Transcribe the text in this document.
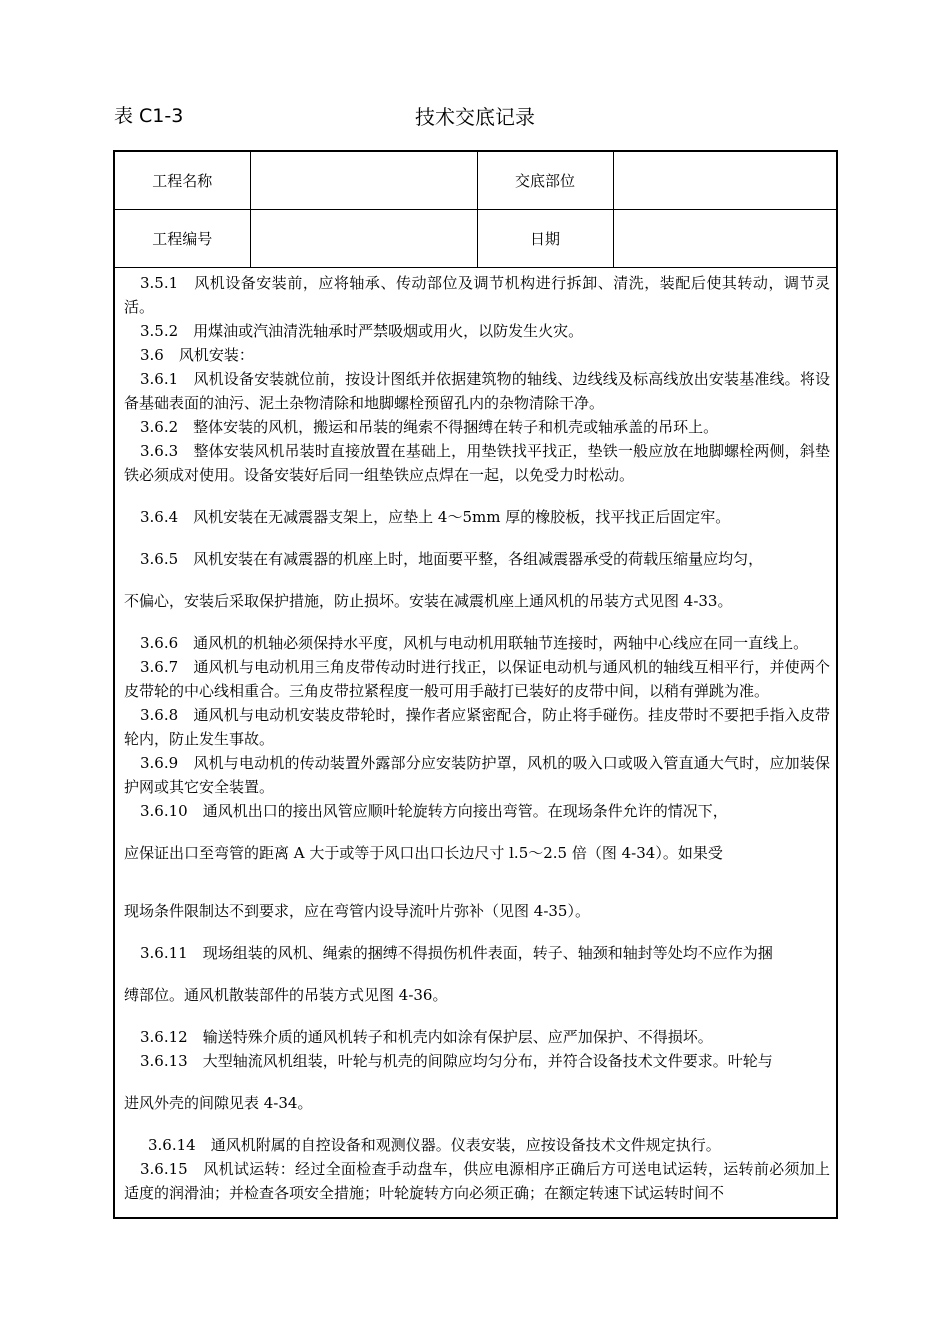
表 C1-3	技术交底记录
工程名称		交底部位	
工程编号		日期	

3.5.1　风机设备安装前，应将轴承、传动部位及调节机构进行拆卸、清洗，装配后使其转动，调节灵活。

3.5.2　用煤油或汽油清洗轴承时严禁吸烟或用火，以防发生火灾。

3.6　风机安装：

3.6.1　风机设备安装就位前，按设计图纸并依据建筑物的轴线、边线线及标高线放出安装基准线。将设备基础表面的油污、泥土杂物清除和地脚螺栓预留孔内的杂物清除干净。

3.6.2　整体安装的风机，搬运和吊装的绳索不得捆缚在转子和机壳或轴承盖的吊环上。

3.6.3　整体安装风机吊装时直接放置在基础上，用垫铁找平找正，垫铁一般应放在地脚螺栓两侧，斜垫铁必须成对使用。设备安装好后同一组垫铁应点焊在一起，以免受力时松动。

3.6.4　风机安装在无减震器支架上，应垫上 4～5mm 厚的橡胶板，找平找正后固定牢。

3.6.5　风机安装在有减震器的机座上时，地面要平整，各组减震器承受的荷载压缩量应均匀，

不偏心，安装后采取保护措施，防止损坏。安装在减震机座上通风机的吊装方式见图 4-33。

3.6.6　通风机的机轴必须保持水平度，风机与电动机用联轴节连接时，两轴中心线应在同一直线上。

3.6.7　通风机与电动机用三角皮带传动时进行找正，以保证电动机与通风机的轴线互相平行，并使两个皮带轮的中心线相重合。三角皮带拉紧程度一般可用手敲打已装好的皮带中间，以稍有弹跳为准。

3.6.8　通风机与电动机安装皮带轮时，操作者应紧密配合，防止将手碰伤。挂皮带时不要把手指入皮带轮内，防止发生事故。

3.6.9　风机与电动机的传动装置外露部分应安装防护罩，风机的吸入口或吸入管直通大气时，应加装保护网或其它安全装置。

3.6.10　通风机出口的接出风管应顺叶轮旋转方向接出弯管。在现场条件允许的情况下，

应保证出口至弯管的距离 A 大于或等于风口出口长边尺寸 l.5～2.5 倍（图 4-34）。如果受

现场条件限制达不到要求，应在弯管内设导流叶片弥补（见图 4-35）。

3.6.11　现场组装的风机、绳索的捆缚不得损伤机件表面，转子、轴颈和轴封等处均不应作为捆

缚部位。通风机散装部件的吊装方式见图 4-36。

3.6.12　输送特殊介质的通风机转子和机壳内如涂有保护层、应严加保护、不得损坏。

3.6.13　大型轴流风机组装，叶轮与机壳的间隙应均匀分布，并符合设备技术文件要求。叶轮与

进风外壳的间隙见表 4-34。

3.6.14　通风机附属的自控设备和观测仪器。仪表安装，应按设备技术文件规定执行。

3.6.15　风机试运转：经过全面检查手动盘车，供应电源相序正确后方可送电试运转，运转前必须加上适度的润滑油；并检查各项安全措施；叶轮旋转方向必须正确；在额定转速下试运转时间不
